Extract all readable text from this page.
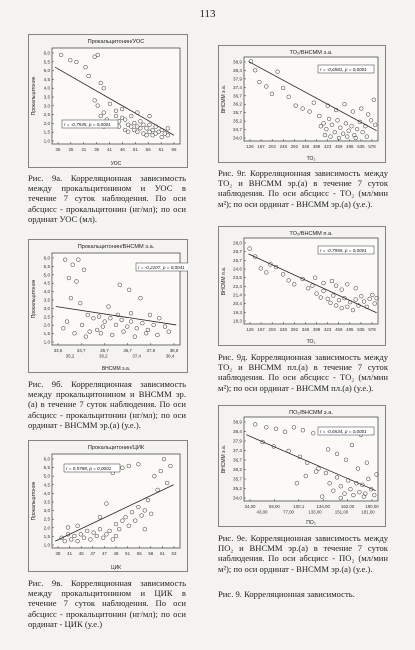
113
Прокальцитонин/УОС
6,0
5,5
5,0
4,5
4,0
3,5
3,0
2,5
2,0
1,5
1,0
35 25 31 36 41 46 51 56 61 66
УОС
Прокальцитонин
r = -0,7545, p = 0,0001

Рис. 9а. Корреляционная зависимость между прокальцитонином и УОС в течение 7 суток наблюдения. По оси абсцисс - прокальцитонин (нг/мл); по оси ординат УОС (мл).

Прокальцитонин/ВНСММ э.а.
6,0
5,5
5,0
4,5
4,0
3,5
3,0
2,5
2,0
1,5
1,0
33,6	34,7	35,7	36,7	37,8	38,8
35,2	36,2	37,4	38,4
ВНСММ э.а.
Прокальцитонин
r = -0,2107, p = 0,0041

Рис. 9б. Корреляционная зависимость между прокальцитонином и ВНСММ эр.(а) в течение 7 суток наблюдения. По оси абсцисс - прокальцитонин (нг/мл); по оси ординат - ВНСММ эр.(а) (у.е.).

Прокальцитонин/ЦИК
6,0
5,5
5,0
4,5
4,0
3,5
3,0
2,5
2,0
1,5
1,0
38 41 45 47 47 48 51 55 58 61 63
ЦИК
Прокальцитонин
r = 0,5788, p = 0,0001

Рис. 9в. Корреляционная зависимость между прокальцитонином и ЦИК в течение 7 суток наблюдения. По оси абсцисс - прокальцитонин (нг/мл); по оси ординат - ЦИК (у.е.)

TO₂/ВНСММ э.а.
38,9
38,4
37,9
37,4
36,7
36,2
35,7
35,2
34,7
34,0
126 167 204 248 292 348 389 423 459 495 535 578
TO₂
ВНСММ э.а.
r = -0,6581, p = 0,0001

Рис. 9г. Корреляционная зависимость между TO₂ и ВНСММ эр.(а) в течение 7 суток наблюдения. По оси абсцисс - TO₂ (мл/мин м²); по оси ординат - ВНСММ эр.(а) (у.е.).

TO₂/ВНСММ п.а.
28,0
26,7
25,7
24,6
23,5
22,4
21,4
20,4
19,3
18,3
126 167 204 248 292 348 389 423 459 495 535 578
TO₂
ВНСММ п.а.
r = -0,7955, p = 0,0001

Рис. 9д. Корреляционная зависимость между TO₂ и ВНСММ пл.(а) в течение 7 суток наблюдения. По оси абсцисс - TO₂ (мл/мин м²); по оси ординат - ВНСММ пл.(а) (у.е.).

ПО₂/ВНСММ э.а.
38,9
38,4
37,9
37,4
36,7
36,2
35,7
35,2
34,0
34,00	59,00	100,1	134,00 162,00 190,00
43,00	77,00	133,00	151,00	181,00
ПО₂
ВНСММ э.а.
r = -0,6534, p = 0,0001

Рис. 9е. Корреляционная зависимость между ПО₂ и ВНСММ эр.(а) в течение 7 суток наблюдения. По оси абсцисс - ПО₂ (мл/мин м²); по оси ординат - ВНСММ эр.(а) (у.е.).

Рис. 9. Корреляционная зависимость.
